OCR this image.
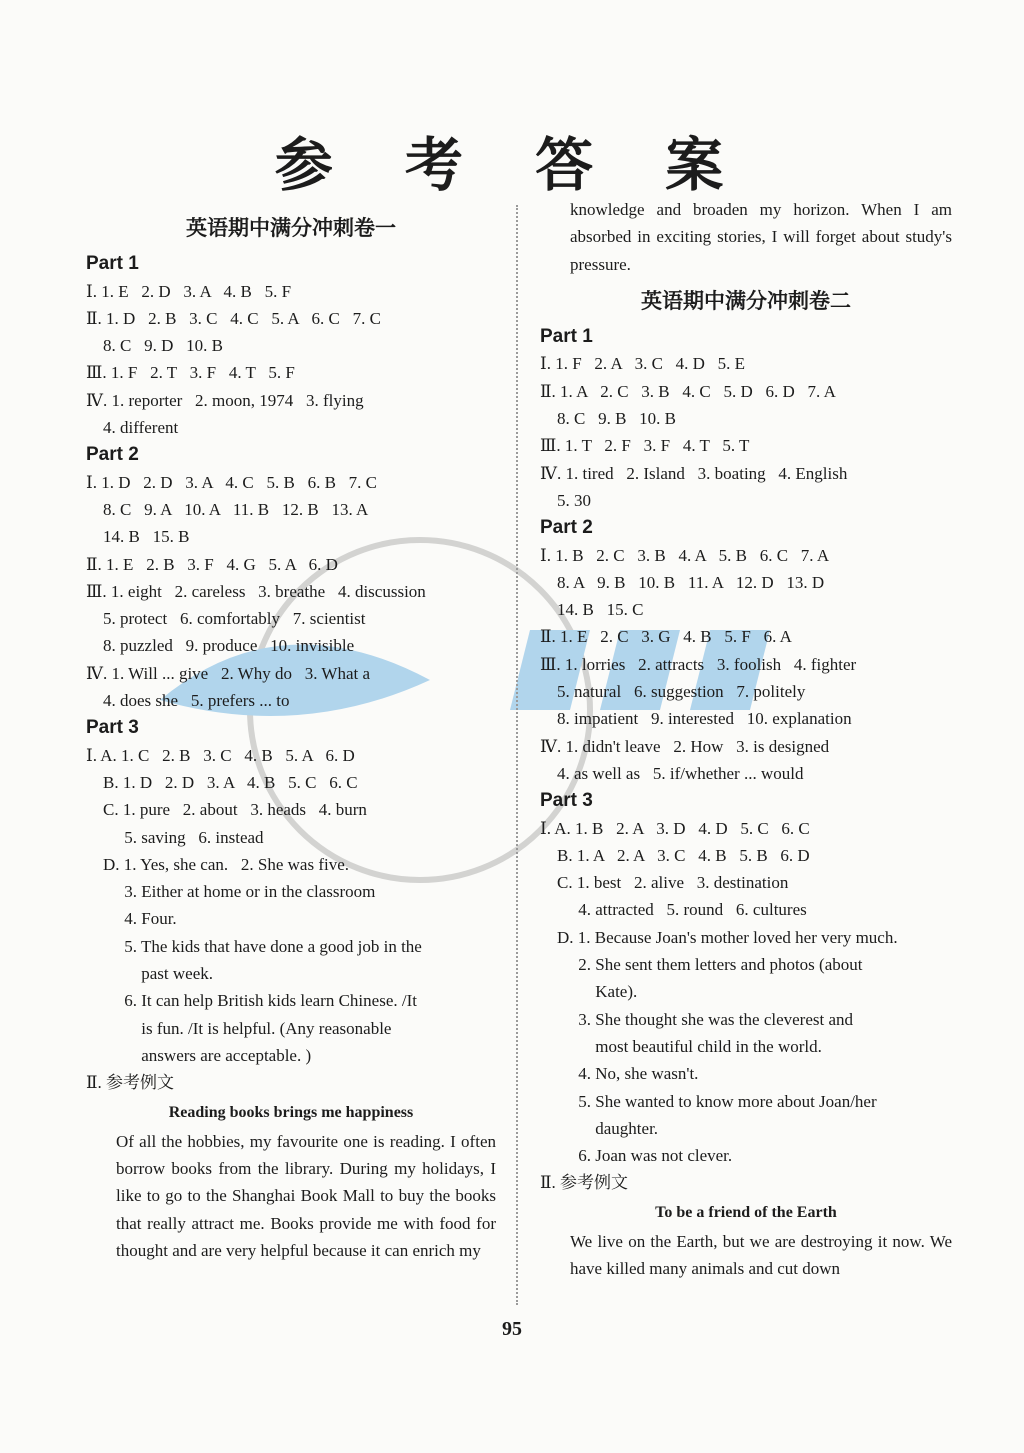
参 考 答 案
英语期中满分冲刺卷一
Part 1
Ⅰ. 1. E   2. D   3. A   4. B   5. F
Ⅱ. 1. D   2. B   3. C   4. C   5. A   6. C   7. C
8. C   9. D   10. B
Ⅲ. 1. F   2. T   3. F   4. T   5. F
Ⅳ. 1. reporter   2. moon, 1974   3. flying
4. different
Part 2
Ⅰ. 1. D   2. D   3. A   4. C   5. B   6. B   7. C
8. C   9. A   10. A   11. B   12. B   13. A
14. B   15. B
Ⅱ. 1. E   2. B   3. F   4. G   5. A   6. D
Ⅲ. 1. eight   2. careless   3. breathe   4. discussion
5. protect   6. comfortably   7. scientist
8. puzzled   9. produce   10. invisible
Ⅳ. 1. Will ... give   2. Why do   3. What a
4. does she   5. prefers ... to
Part 3
Ⅰ. A. 1. C   2. B   3. C   4. B   5. A   6. D
B. 1. D   2. D   3. A   4. B   5. C   6. C
C. 1. pure   2. about   3. heads   4. burn
5. saving   6. instead
D. 1. Yes, she can.   2. She was five.
3. Either at home or in the classroom
4. Four.
5. The kids that have done a good job in the
past week.
6. It can help British kids learn Chinese. /It
is fun. /It is helpful. (Any reasonable
answers are acceptable. )
Ⅱ. 参考例文
Reading books brings me happiness
Of all the hobbies, my favourite one is reading. I often borrow books from the library. During my holidays, I like to go to the Shanghai Book Mall to buy the books that really attract me. Books provide me with food for thought and are very helpful because it can enrich my
knowledge and broaden my horizon. When I am absorbed in exciting stories, I will forget about study's pressure.
英语期中满分冲刺卷二
Part 1
Ⅰ. 1. F   2. A   3. C   4. D   5. E
Ⅱ. 1. A   2. C   3. B   4. C   5. D   6. D   7. A
8. C   9. B   10. B
Ⅲ. 1. T   2. F   3. F   4. T   5. T
Ⅳ. 1. tired   2. Island   3. boating   4. English
5. 30
Part 2
Ⅰ. 1. B   2. C   3. B   4. A   5. B   6. C   7. A
8. A   9. B   10. B   11. A   12. D   13. D
14. B   15. C
Ⅱ. 1. E   2. C   3. G   4. B   5. F   6. A
Ⅲ. 1. lorries   2. attracts   3. foolish   4. fighter
5. natural   6. suggestion   7. politely
8. impatient   9. interested   10. explanation
Ⅳ. 1. didn't leave   2. How   3. is designed
4. as well as   5. if/whether ... would
Part 3
Ⅰ. A. 1. B   2. A   3. D   4. D   5. C   6. C
B. 1. A   2. A   3. C   4. B   5. B   6. D
C. 1. best   2. alive   3. destination
4. attracted   5. round   6. cultures
D. 1. Because Joan's mother loved her very much.
2. She sent them letters and photos (about
Kate).
3. She thought she was the cleverest and
most beautiful child in the world.
4. No, she wasn't.
5. She wanted to know more about Joan/her
daughter.
6. Joan was not clever.
Ⅱ. 参考例文
To be a friend of the Earth
We live on the Earth, but we are destroying it now. We have killed many animals and cut down
95
